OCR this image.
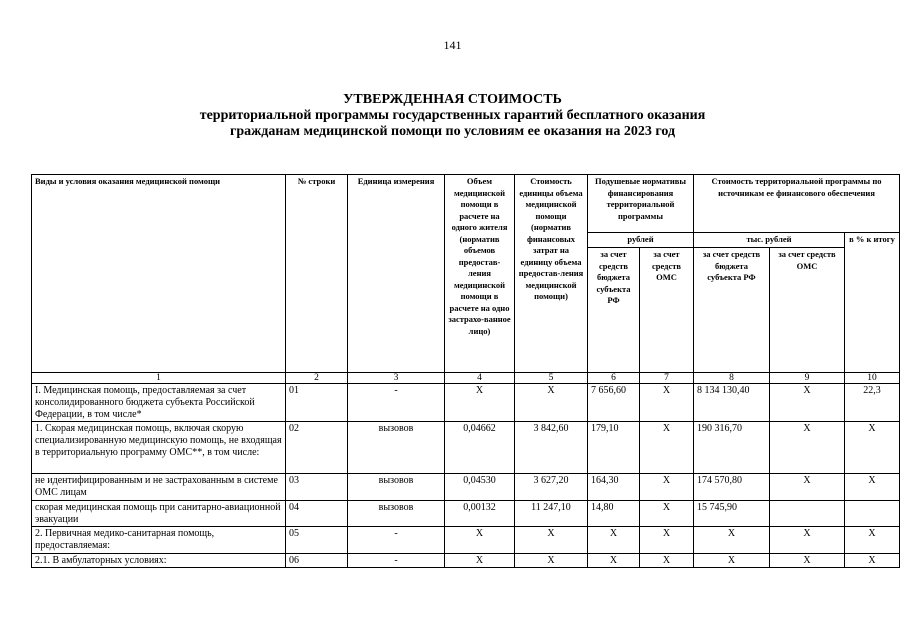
141
УТВЕРЖДЕННАЯ СТОИМОСТЬ
территориальной программы государственных гарантий бесплатного оказания
гражданам медицинской помощи по условиям ее оказания на 2023 год
Виды и условия оказания медицинской помощи	№ строки	Единица измерения	Объем медицинской помощи в расчете на одного жителя (норматив объемов предостав-ления медицинской помощи в расчете на одно застрахо-ванное лицо)	Стоимость единицы объема медицинской помощи (норматив финансовых затрат на единицу объема предостав-ления медицинской помощи)	Подушевые нормативы финансирования территориальной программы		Стоимость территориальной программы по источникам ее финансового обеспечения		
					рублей		тыс. рублей		в % к итогу
					за счет средств бюджета субъекта РФ	за счет средств ОМС	за счет средств бюджета субъекта РФ	за счет средств ОМС	
1	2	3	4	5	6	7	8	9	10
I. Медицинская помощь, предоставляемая за счет консолидированного бюджета субъекта Российской Федерации, в том числе*	01	-	Х	Х	7 656,60	Х	8 134 130,40	Х	22,3
1. Скорая медицинская помощь, включая скорую специализированную медицинскую помощь, не входящая в территориальную программу ОМС**, в том числе:	02	вызовов	0,04662	3 842,60	179,10	Х	190 316,70	Х	Х
не идентифицированным и не застрахованным в системе ОМС лицам	03	вызовов	0,04530	3 627,20	164,30	Х	174 570,80	Х	Х
скорая медицинская помощь при санитарно-авиационной эвакуации	04	вызовов	0,00132	11 247,10	14,80	Х	15 745,90		
2. Первичная медико-санитарная помощь, предоставляемая:	05	-	Х	Х	Х	Х	Х	Х	Х
2.1. В амбулаторных условиях:	06	-	Х	Х	Х	Х	Х	Х	Х
